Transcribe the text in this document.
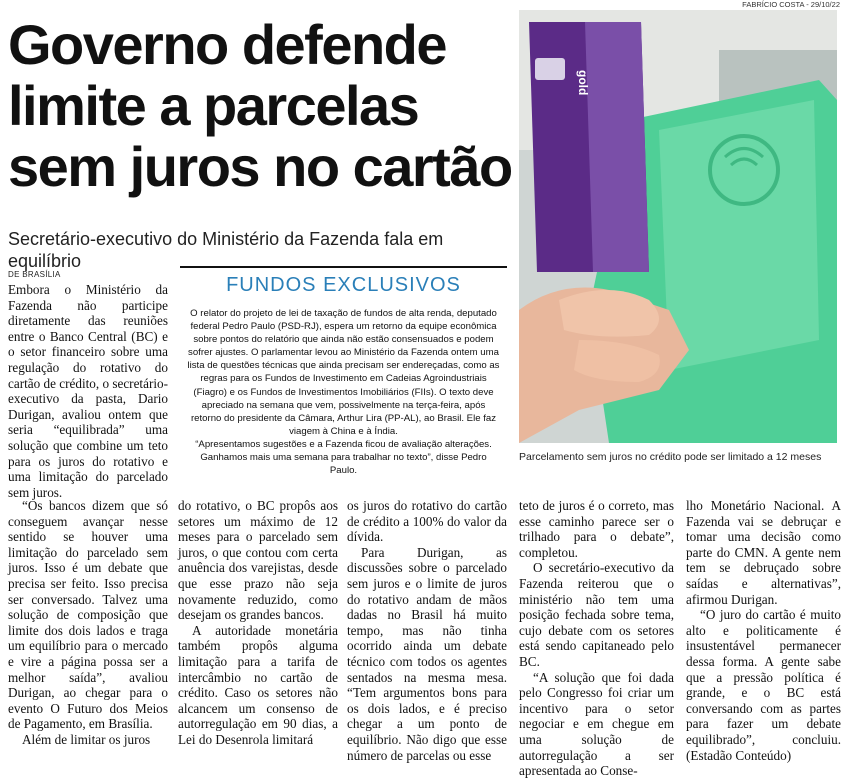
FABRÍCIO COSTA - 29/10/22
Governo defende
limite a parcelas
sem juros no cartão
Secretário-executivo do Ministério da Fazenda fala em equilíbrio
gold
Parcelamento sem juros no crédito pode ser limitado a 12 meses
DE BRASÍLIA

Embora o Ministério da Fazenda não participe diretamente das reuniões entre o Banco Central (BC) e o setor financeiro sobre uma regulação do rotativo do cartão de crédito, o secretário-executivo da pasta, Dario Durigan, avaliou ontem que seria “equilibrada” uma solução que combine um teto para os juros do rotativo e uma limitação do parcelado sem juros.

FUNDOS EXCLUSIVOS
O relator do projeto de lei de taxação de fundos de alta renda, deputado federal Pedro Paulo (PSD-RJ), espera um retorno da equipe econômica sobre pontos do relatório que ainda não estão consensuados e podem sofrer ajustes. O parlamentar levou ao Ministério da Fazenda ontem uma lista de questões técnicas que ainda precisam ser endereçadas, como as regras para os Fundos de Investimento em Cadeias Agroindustriais (Fiagro) e os Fundos de Investimentos Imobiliários (FIIs). O texto deve apreciado na semana que vem, possivelmente na terça-feira, após retorno do presidente da Câmara, Arthur Lira (PP-AL), ao Brasil. Ele faz viagem à China e à Índia.
“Apresentamos sugestões e a Fazenda ficou de avaliação alterações. Ganhamos mais uma semana para trabalhar no texto”, disse Pedro Paulo.

“Os bancos dizem que só conseguem avançar nesse sentido se houver uma limitação do parcelado sem juros. Isso é um debate que precisa ser feito. Isso precisa ser conversado. Talvez uma solução de composição que limite dos dois lados e traga um equilíbrio para o mercado e vire a página possa ser a melhor saída”, avaliou Durigan, ao chegar para o evento O Futuro dos Meios de Pagamento, em Brasília.

Além de limitar os juros

do rotativo, o BC propôs aos setores um máximo de 12 meses para o parcelado sem juros, o que contou com certa anuência dos varejistas, desde que esse prazo não seja novamente reduzido, como desejam os grandes bancos.

A autoridade monetária também propôs alguma limitação para a tarifa de intercâmbio no cartão de crédito. Caso os setores não alcancem um consenso de autorregulação em 90 dias, a Lei do Desenrola limitará

os juros do rotativo do cartão de crédito a 100% do valor da dívida.

Para Durigan, as discussões sobre o parcelado sem juros e o limite de juros do rotativo andam de mãos dadas no Brasil há muito tempo, mas não tinha ocorrido ainda um debate técnico com todos os agentes sentados na mesma mesa. “Tem argumentos bons para os dois lados, e é preciso chegar a um ponto de equilíbrio. Não digo que esse número de parcelas ou esse

teto de juros é o correto, mas esse caminho parece ser o trilhado para o debate”, completou.

O secretário-executivo da Fazenda reiterou que o ministério não tem uma posição fechada sobre tema, cujo debate com os setores está sendo capitaneado pelo BC.

“A solução que foi dada pelo Congresso foi criar um incentivo para o setor negociar e em chegue em uma solução de autorregulação a ser apresentada ao Conse-

lho Monetário Nacional. A Fazenda vai se debruçar e tomar uma decisão como parte do CMN. A gente nem tem se debruçado sobre saídas e alternativas”, afirmou Durigan.

“O juro do cartão é muito alto e politicamente é insustentável permanecer dessa forma. A gente sabe que a pressão política é grande, e o BC está conversando com as partes para fazer um debate equilibrado”, concluiu. (Estadão Conteúdo)
